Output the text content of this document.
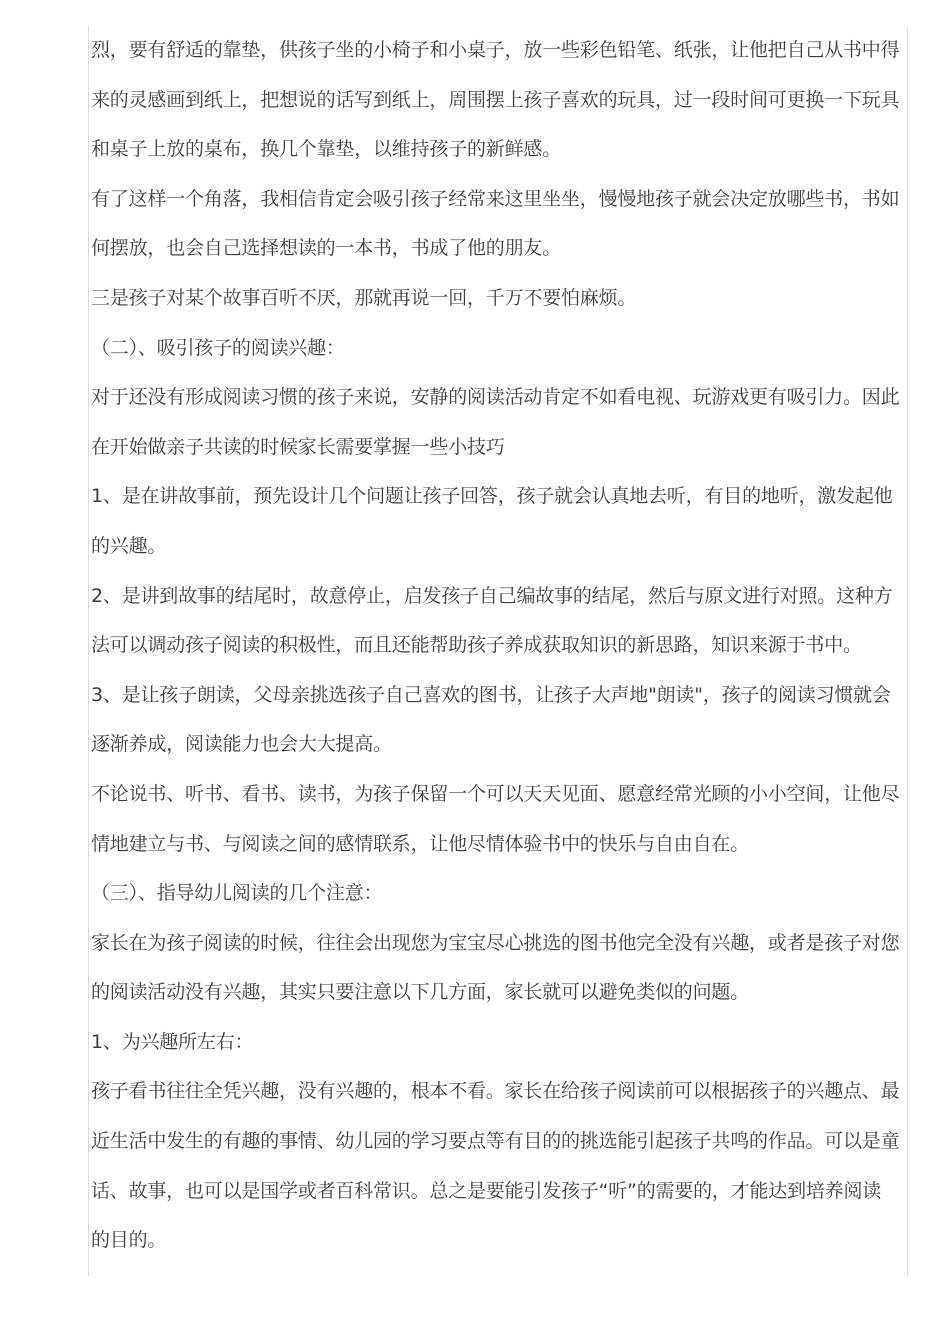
烈，要有舒适的靠垫，供孩子坐的小椅子和小桌子，放一些彩色铅笔、纸张，让他把自己从书中得
来的灵感画到纸上，把想说的话写到纸上，周围摆上孩子喜欢的玩具，过一段时间可更换一下玩具
和桌子上放的桌布，换几个靠垫，以维持孩子的新鲜感。
有了这样一个角落，我相信肯定会吸引孩子经常来这里坐坐，慢慢地孩子就会决定放哪些书，书如
何摆放，也会自己选择想读的一本书，书成了他的朋友。
三是孩子对某个故事百听不厌，那就再说一回，千万不要怕麻烦。
（二）、吸引孩子的阅读兴趣：
对于还没有形成阅读习惯的孩子来说，安静的阅读活动肯定不如看电视、玩游戏更有吸引力。因此
在开始做亲子共读的时候家长需要掌握一些小技巧
1、是在讲故事前，预先设计几个问题让孩子回答，孩子就会认真地去听，有目的地听，激发起他
的兴趣。
2、是讲到故事的结尾时，故意停止，启发孩子自己编故事的结尾，然后与原文进行对照。这种方
法可以调动孩子阅读的积极性，而且还能帮助孩子养成获取知识的新思路，知识来源于书中。
3、是让孩子朗读，父母亲挑选孩子自己喜欢的图书，让孩子大声地"朗读"，孩子的阅读习惯就会
逐渐养成，阅读能力也会大大提高。
不论说书、听书、看书、读书，为孩子保留一个可以天天见面、愿意经常光顾的小小空间，让他尽
情地建立与书、与阅读之间的感情联系，让他尽情体验书中的快乐与自由自在。
（三）、指导幼儿阅读的几个注意：
家长在为孩子阅读的时候，往往会出现您为宝宝尽心挑选的图书他完全没有兴趣，或者是孩子对您
的阅读活动没有兴趣，其实只要注意以下几方面，家长就可以避免类似的问题。
1、为兴趣所左右：
孩子看书往往全凭兴趣，没有兴趣的，根本不看。家长在给孩子阅读前可以根据孩子的兴趣点、最
近生活中发生的有趣的事情、幼儿园的学习要点等有目的的挑选能引起孩子共鸣的作品。可以是童
话、故事，也可以是国学或者百科常识。总之是要能引发孩子“听”的需要的，才能达到培养阅读
的目的。
